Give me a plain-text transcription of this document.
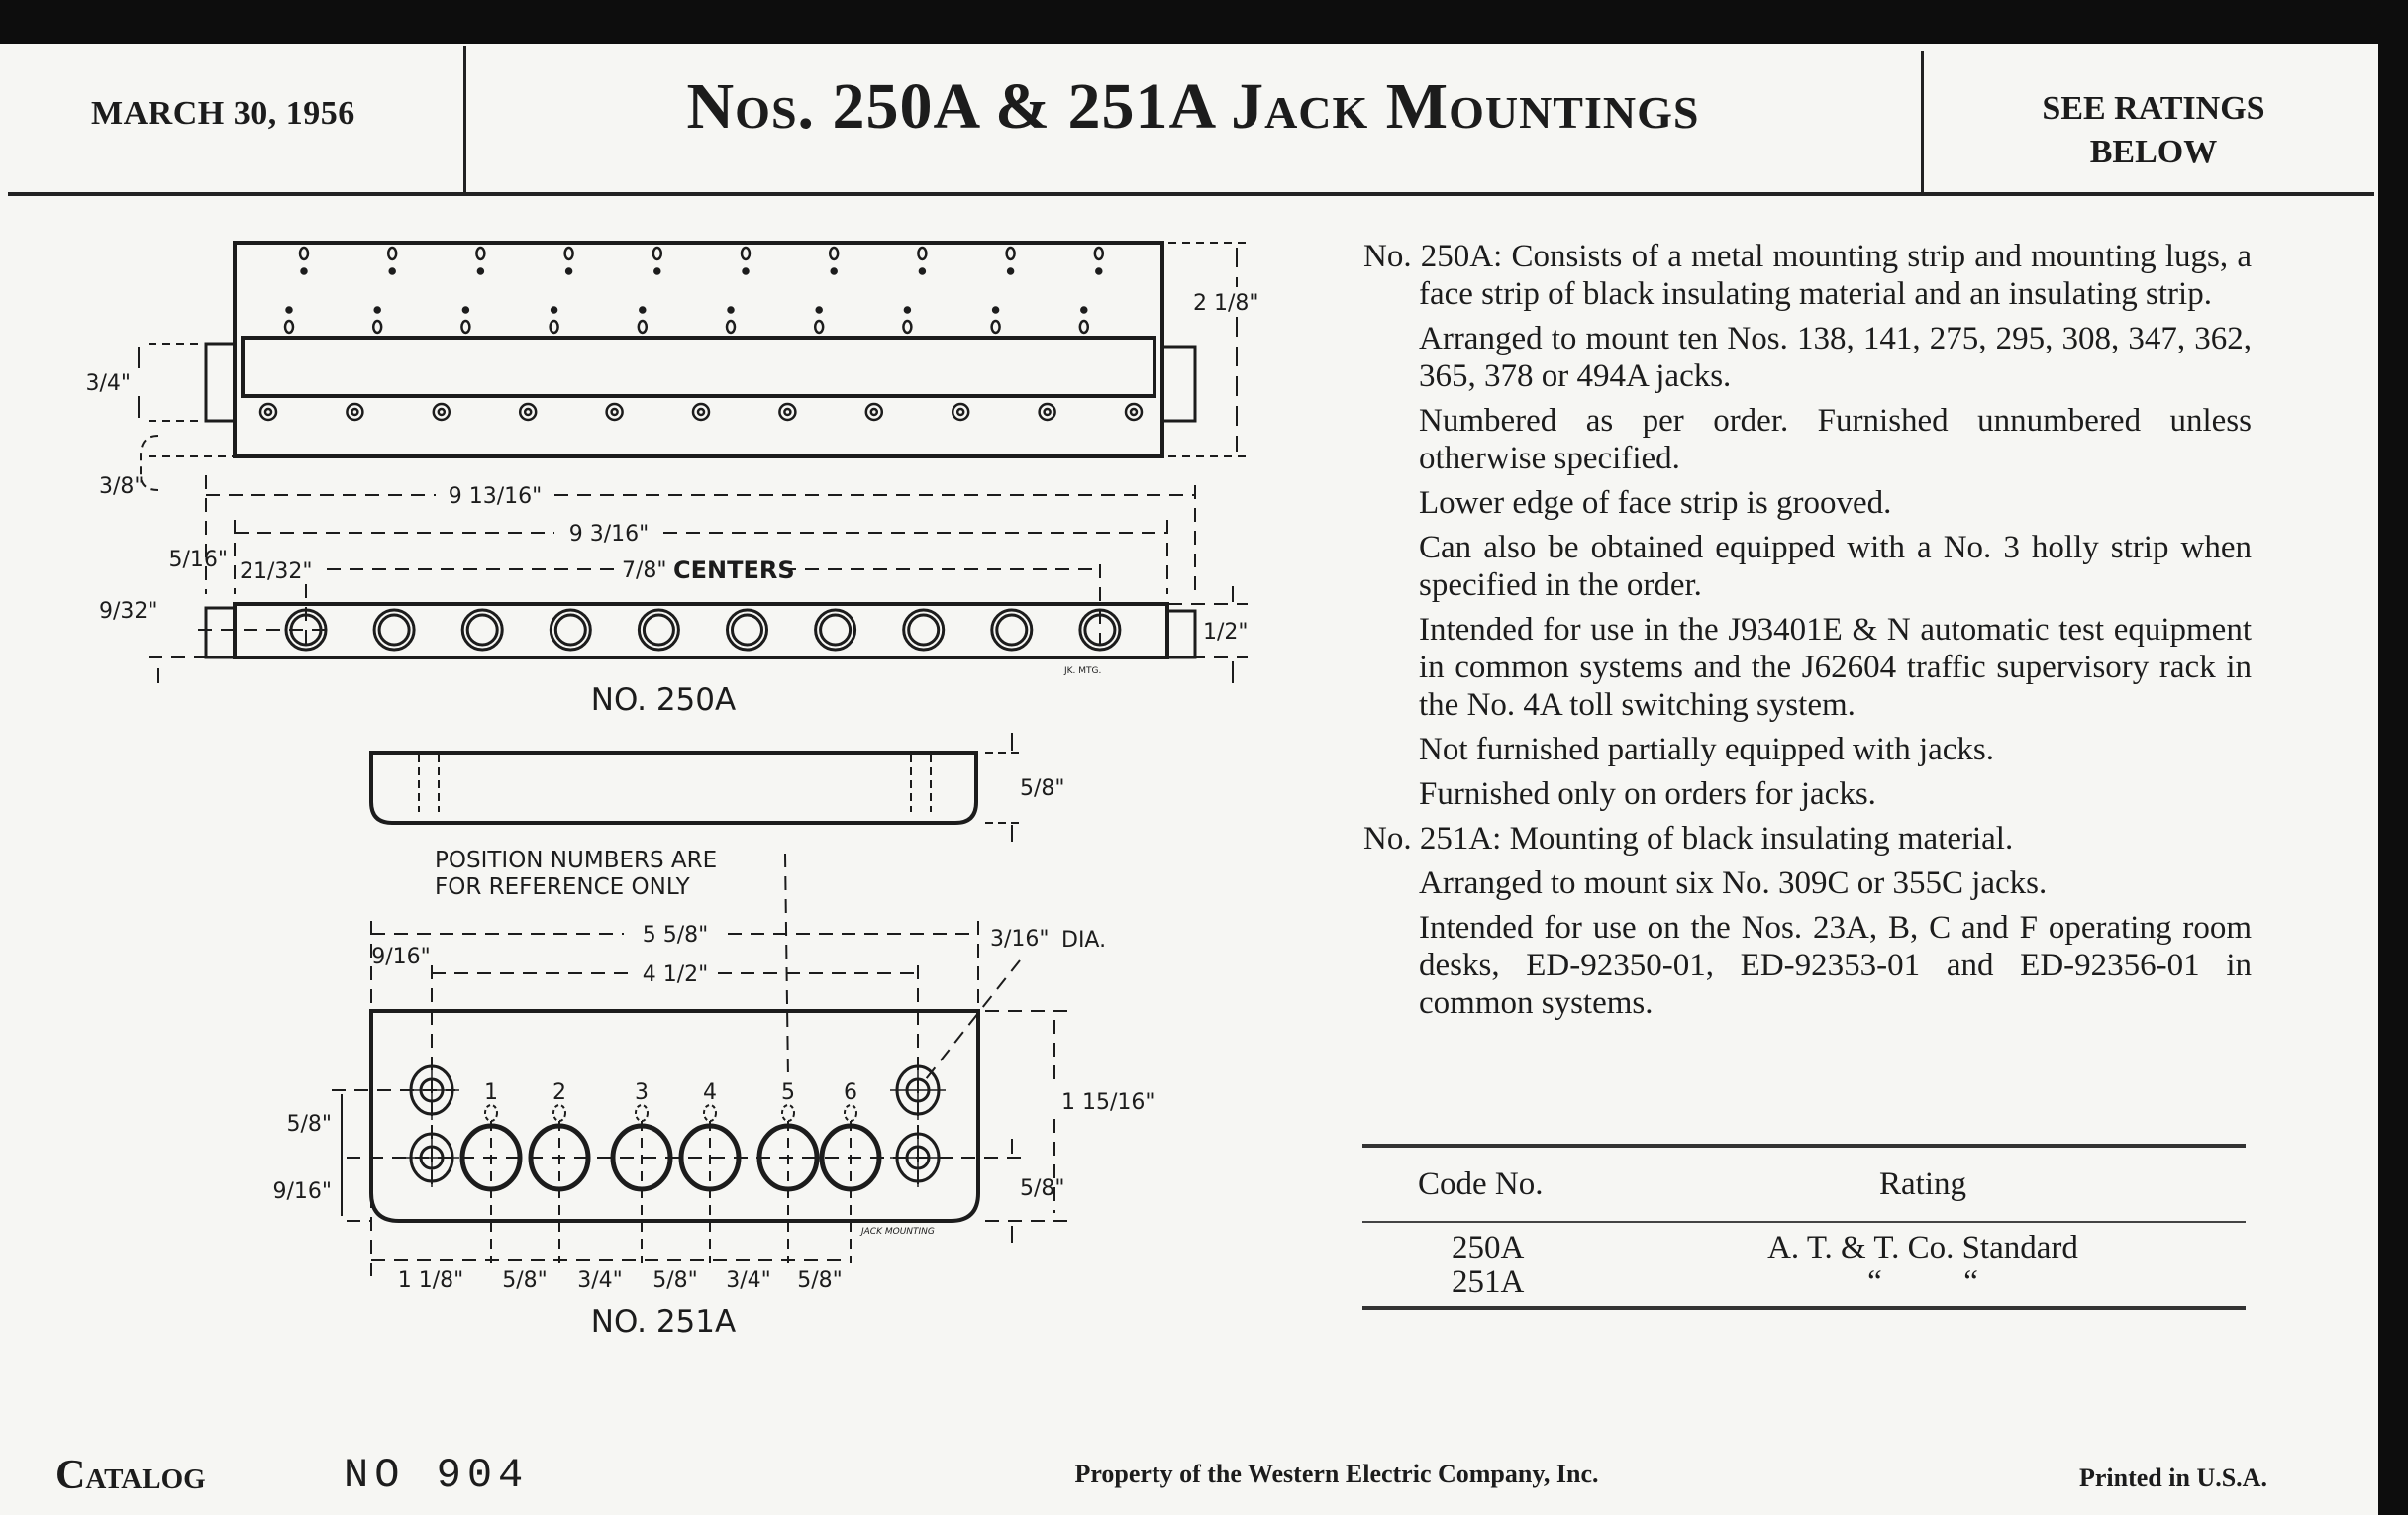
MARCH 30, 1956	Nos. 250A & 251A Jack Mountings	SEE RATINGS
BELOW

No. 250A: Consists of a metal mounting strip and mounting lugs, a face strip of black insulating material and an insulating strip.

Arranged to mount ten Nos. 138, 141, 275, 295, 308, 347, 362, 365, 378 or 494A jacks.

Numbered as per order. Furnished unnumbered unless otherwise specified.

Lower edge of face strip is grooved.

Can also be obtained equipped with a No. 3 holly strip when specified in the order.

Intended for use in the J93401E & N automatic test equipment in common systems and the J62604 traffic supervisory rack in the No. 4A toll switching system.

Not furnished partially equipped with jacks.

Furnished only on orders for jacks.

No. 251A: Mounting of black insulating material.

Arranged to mount six No. 309C or 355C jacks.

Intended for use on the Nos. 23A, B, C and F operating room desks, ED-92350-01, ED-92353-01 and ED-92356-01 in common systems.

Code No.	Rating
250A	A. T. & T. Co. Standard
251A	“          “
2 1/8"
3/4"
3/8"	9 13/16"
9 3/16"
5/16" 21/32"	7/8" CENTERS
9/32"
1/2"
JK. MTG.
NO. 250A
5/8"
POSITION NUMBERS ARE
FOR REFERENCE ONLY
5 5/8"
9/16"
4 1/2"
3/16" DIA.
1 15/16"
5/8"
5/8"
9/16"
1 1/8" 5/8" 3/4" 5/8" 3/4" 5/8"
JACK MOUNTING
1	2	3	4	5 6
NO. 251A
Catalog	NO 904	Property of the Western Electric Company, Inc.	Printed in U.S.A.
